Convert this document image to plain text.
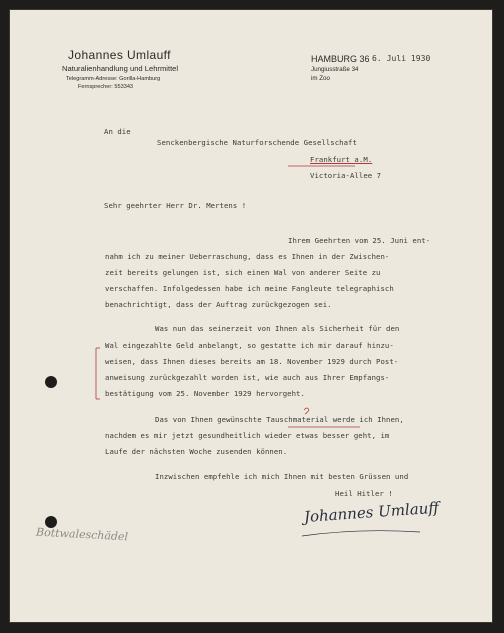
Johannes Umlauff
Naturalienhandlung und Lehrmittel
Telegramm-Adresse: Gorilla-Hamburg
Fernsprecher: 553343
HAMBURG 36
Jungiusstraße 34
im Zoo
6. Juli 1930
An die
Senckenbergische Naturforschende Gesellschaft
Frankfurt a.M.
Victoria-Allee 7
Sehr geehrter Herr Dr. Mertens !
Ihrem Geehrten vom 25. Juni ent-
nahm ich zu meiner Ueberraschung, dass es Ihnen in der Zwischen-
zeit bereits gelungen ist, sich einen Wal von anderer Seite zu
verschaffen. Infolgedessen habe ich meine Fangleute telegraphisch
benachrichtigt, dass der Auftrag zurückgezogen sei.
Was nun das seinerzeit von Ihnen als Sicherheit für den
Wal eingezahlte Geld anbelangt, so gestatte ich mir darauf hinzu-
weisen, dass Ihnen dieses bereits am 18. November 1929 durch Post-
anweisung zurückgezahlt worden ist, wie auch aus Ihrer Empfangs-
bestätigung vom 25. November 1929 hervorgeht.
Das von Ihnen gewünschte Tauschmaterial werde ich Ihnen,
nachdem es mir jetzt gesundheitlich wieder etwas besser geht, im
Laufe der nächsten Woche zusenden können.
Inzwischen empfehle ich mich Ihnen mit besten Grüssen und
Heil Hitler !
Johannes Umlauff
Bottwaleschädel
